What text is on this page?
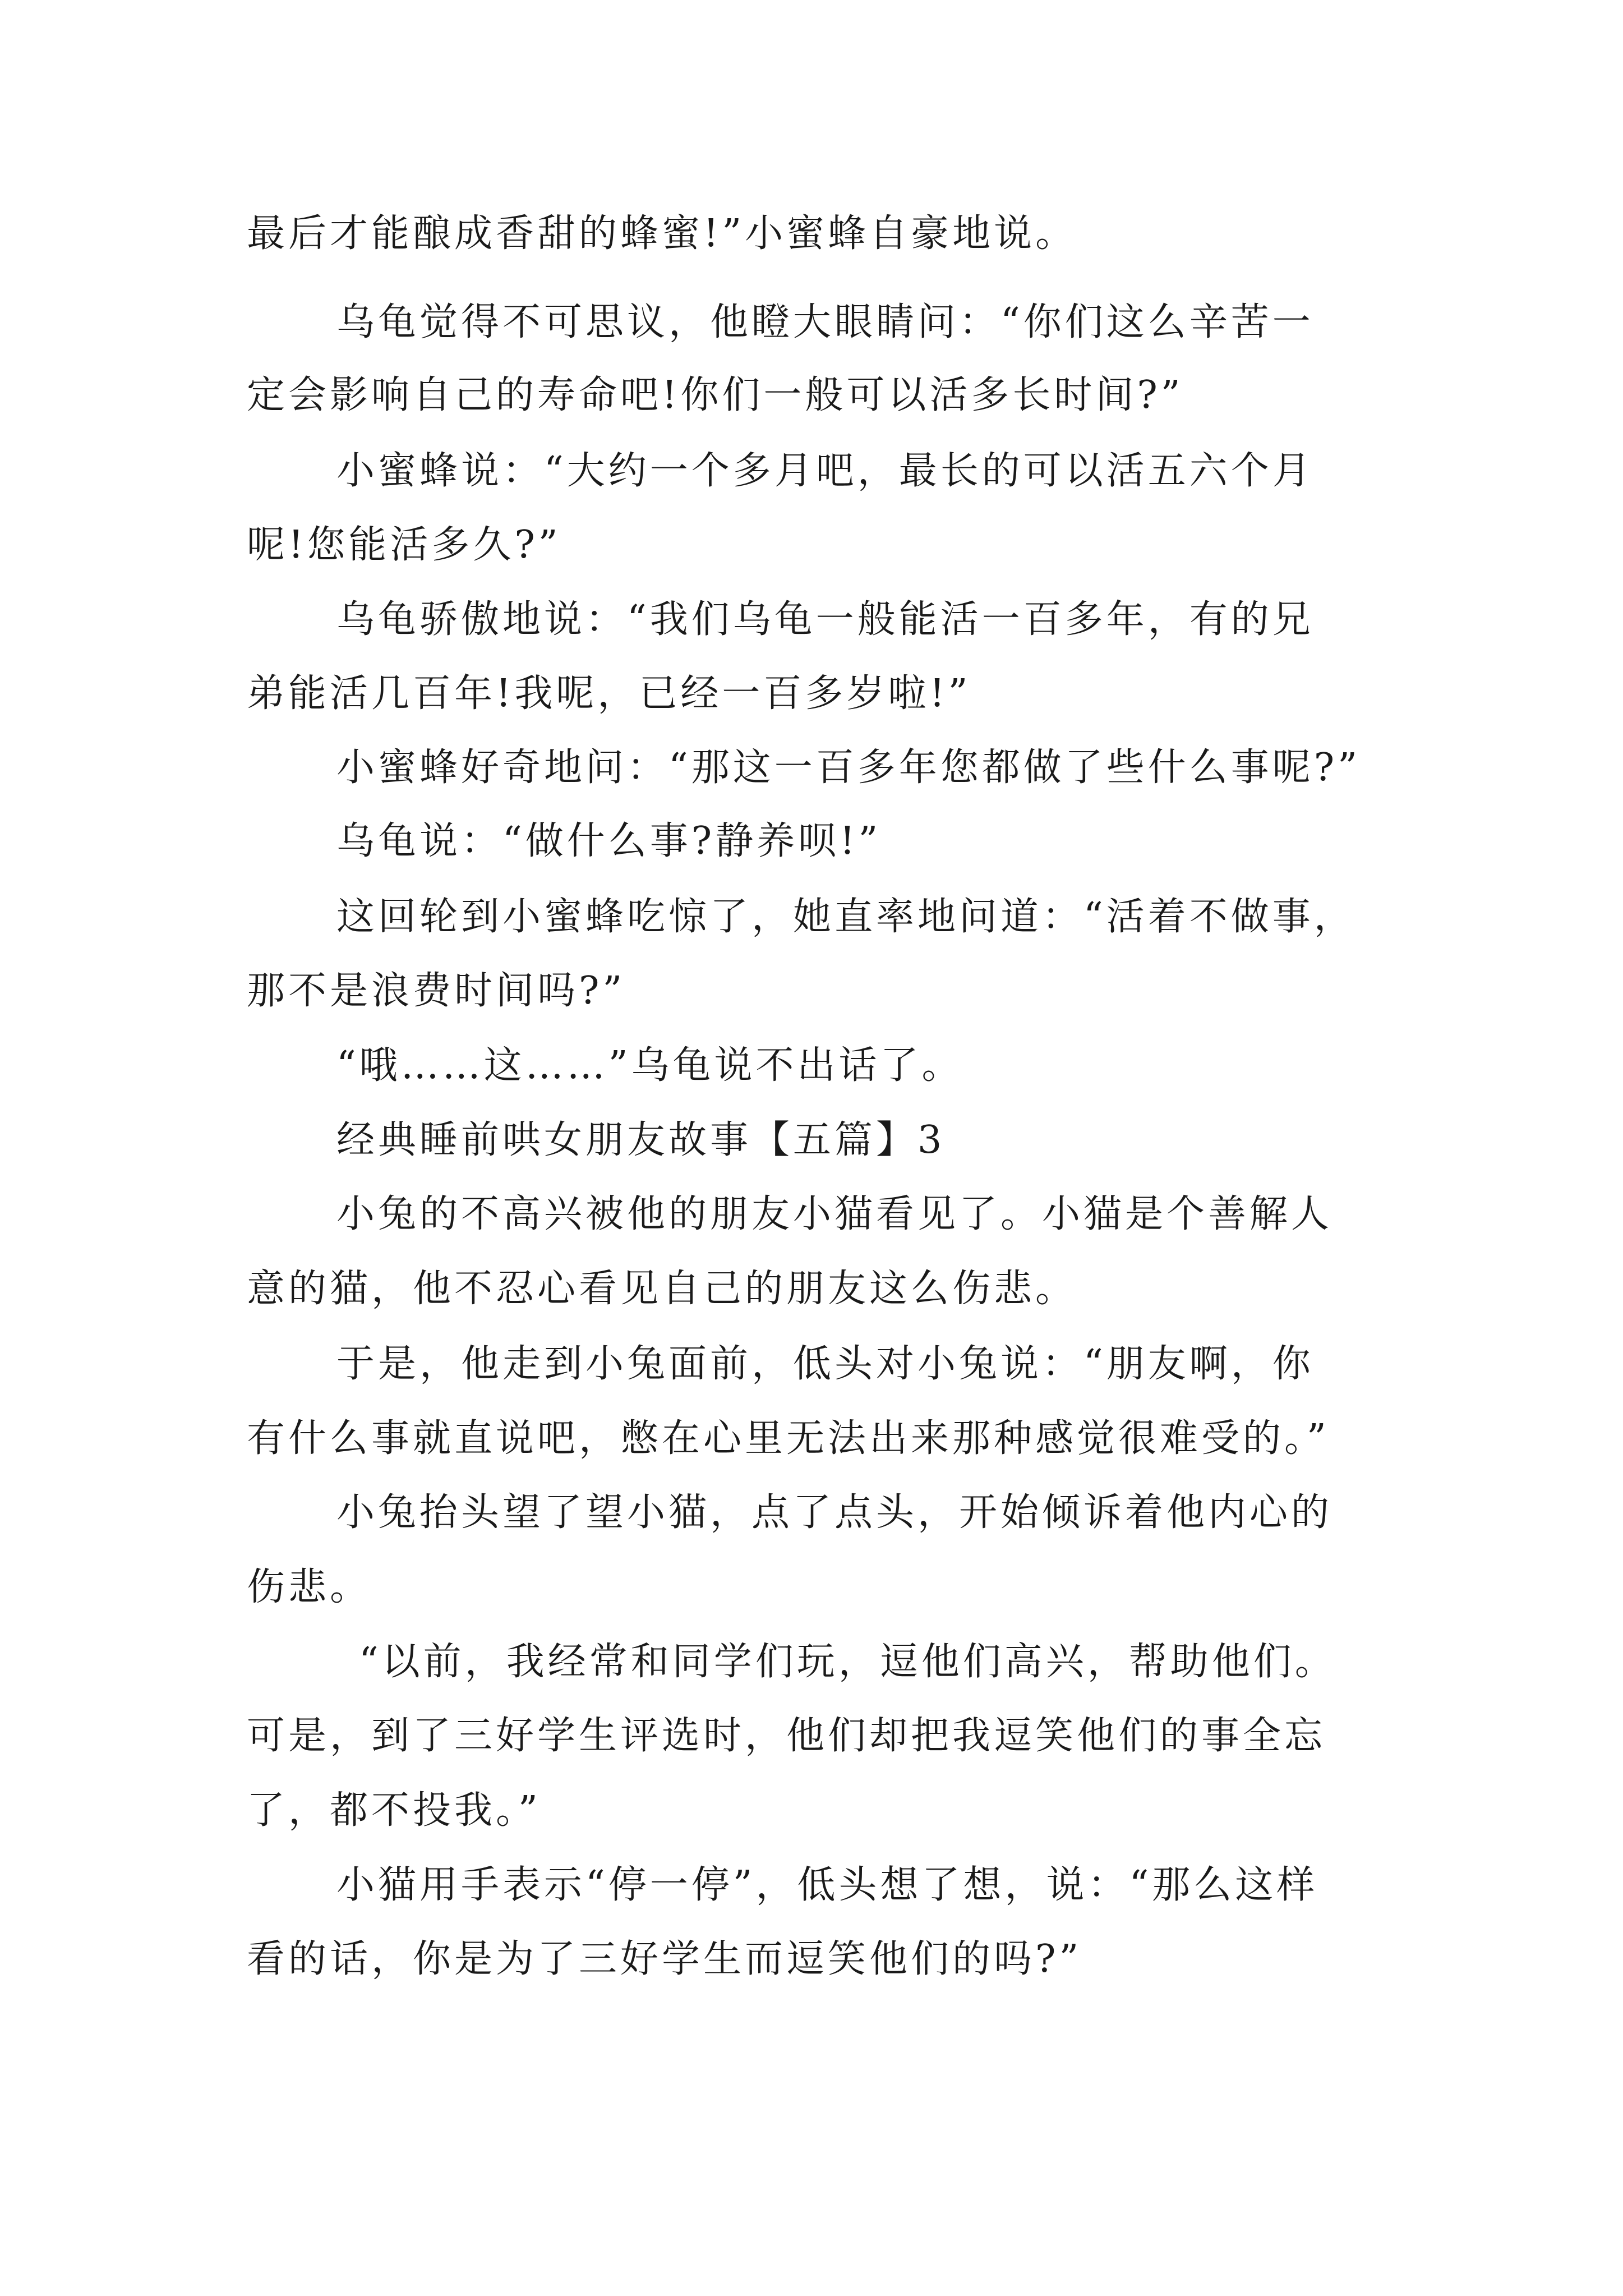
最后才能酿成香甜的蜂蜜!”小蜜蜂自豪地说。
乌龟觉得不可思议，他瞪大眼睛问：“你们这么辛苦一
定会影响自己的寿命吧!你们一般可以活多长时间?”
小蜜蜂说：“大约一个多月吧，最长的可以活五六个月
呢!您能活多久?”
乌龟骄傲地说：“我们乌龟一般能活一百多年，有的兄
弟能活几百年!我呢，已经一百多岁啦!”
小蜜蜂好奇地问：“那这一百多年您都做了些什么事呢?”
乌龟说：“做什么事?静养呗!”
这回轮到小蜜蜂吃惊了，她直率地问道：“活着不做事，
那不是浪费时间吗?”
“哦……这……”乌龟说不出话了。
经典睡前哄女朋友故事【五篇】3
小兔的不高兴被他的朋友小猫看见了。小猫是个善解人
意的猫，他不忍心看见自己的朋友这么伤悲。
于是，他走到小兔面前，低头对小兔说：“朋友啊，你
有什么事就直说吧，憋在心里无法出来那种感觉很难受的。”
小兔抬头望了望小猫，点了点头，开始倾诉着他内心的
伤悲。
“以前，我经常和同学们玩，逗他们高兴，帮助他们。
可是，到了三好学生评选时，他们却把我逗笑他们的事全忘
了，都不投我。”
小猫用手表示“停一停”，低头想了想，说：“那么这样
看的话，你是为了三好学生而逗笑他们的吗?”
